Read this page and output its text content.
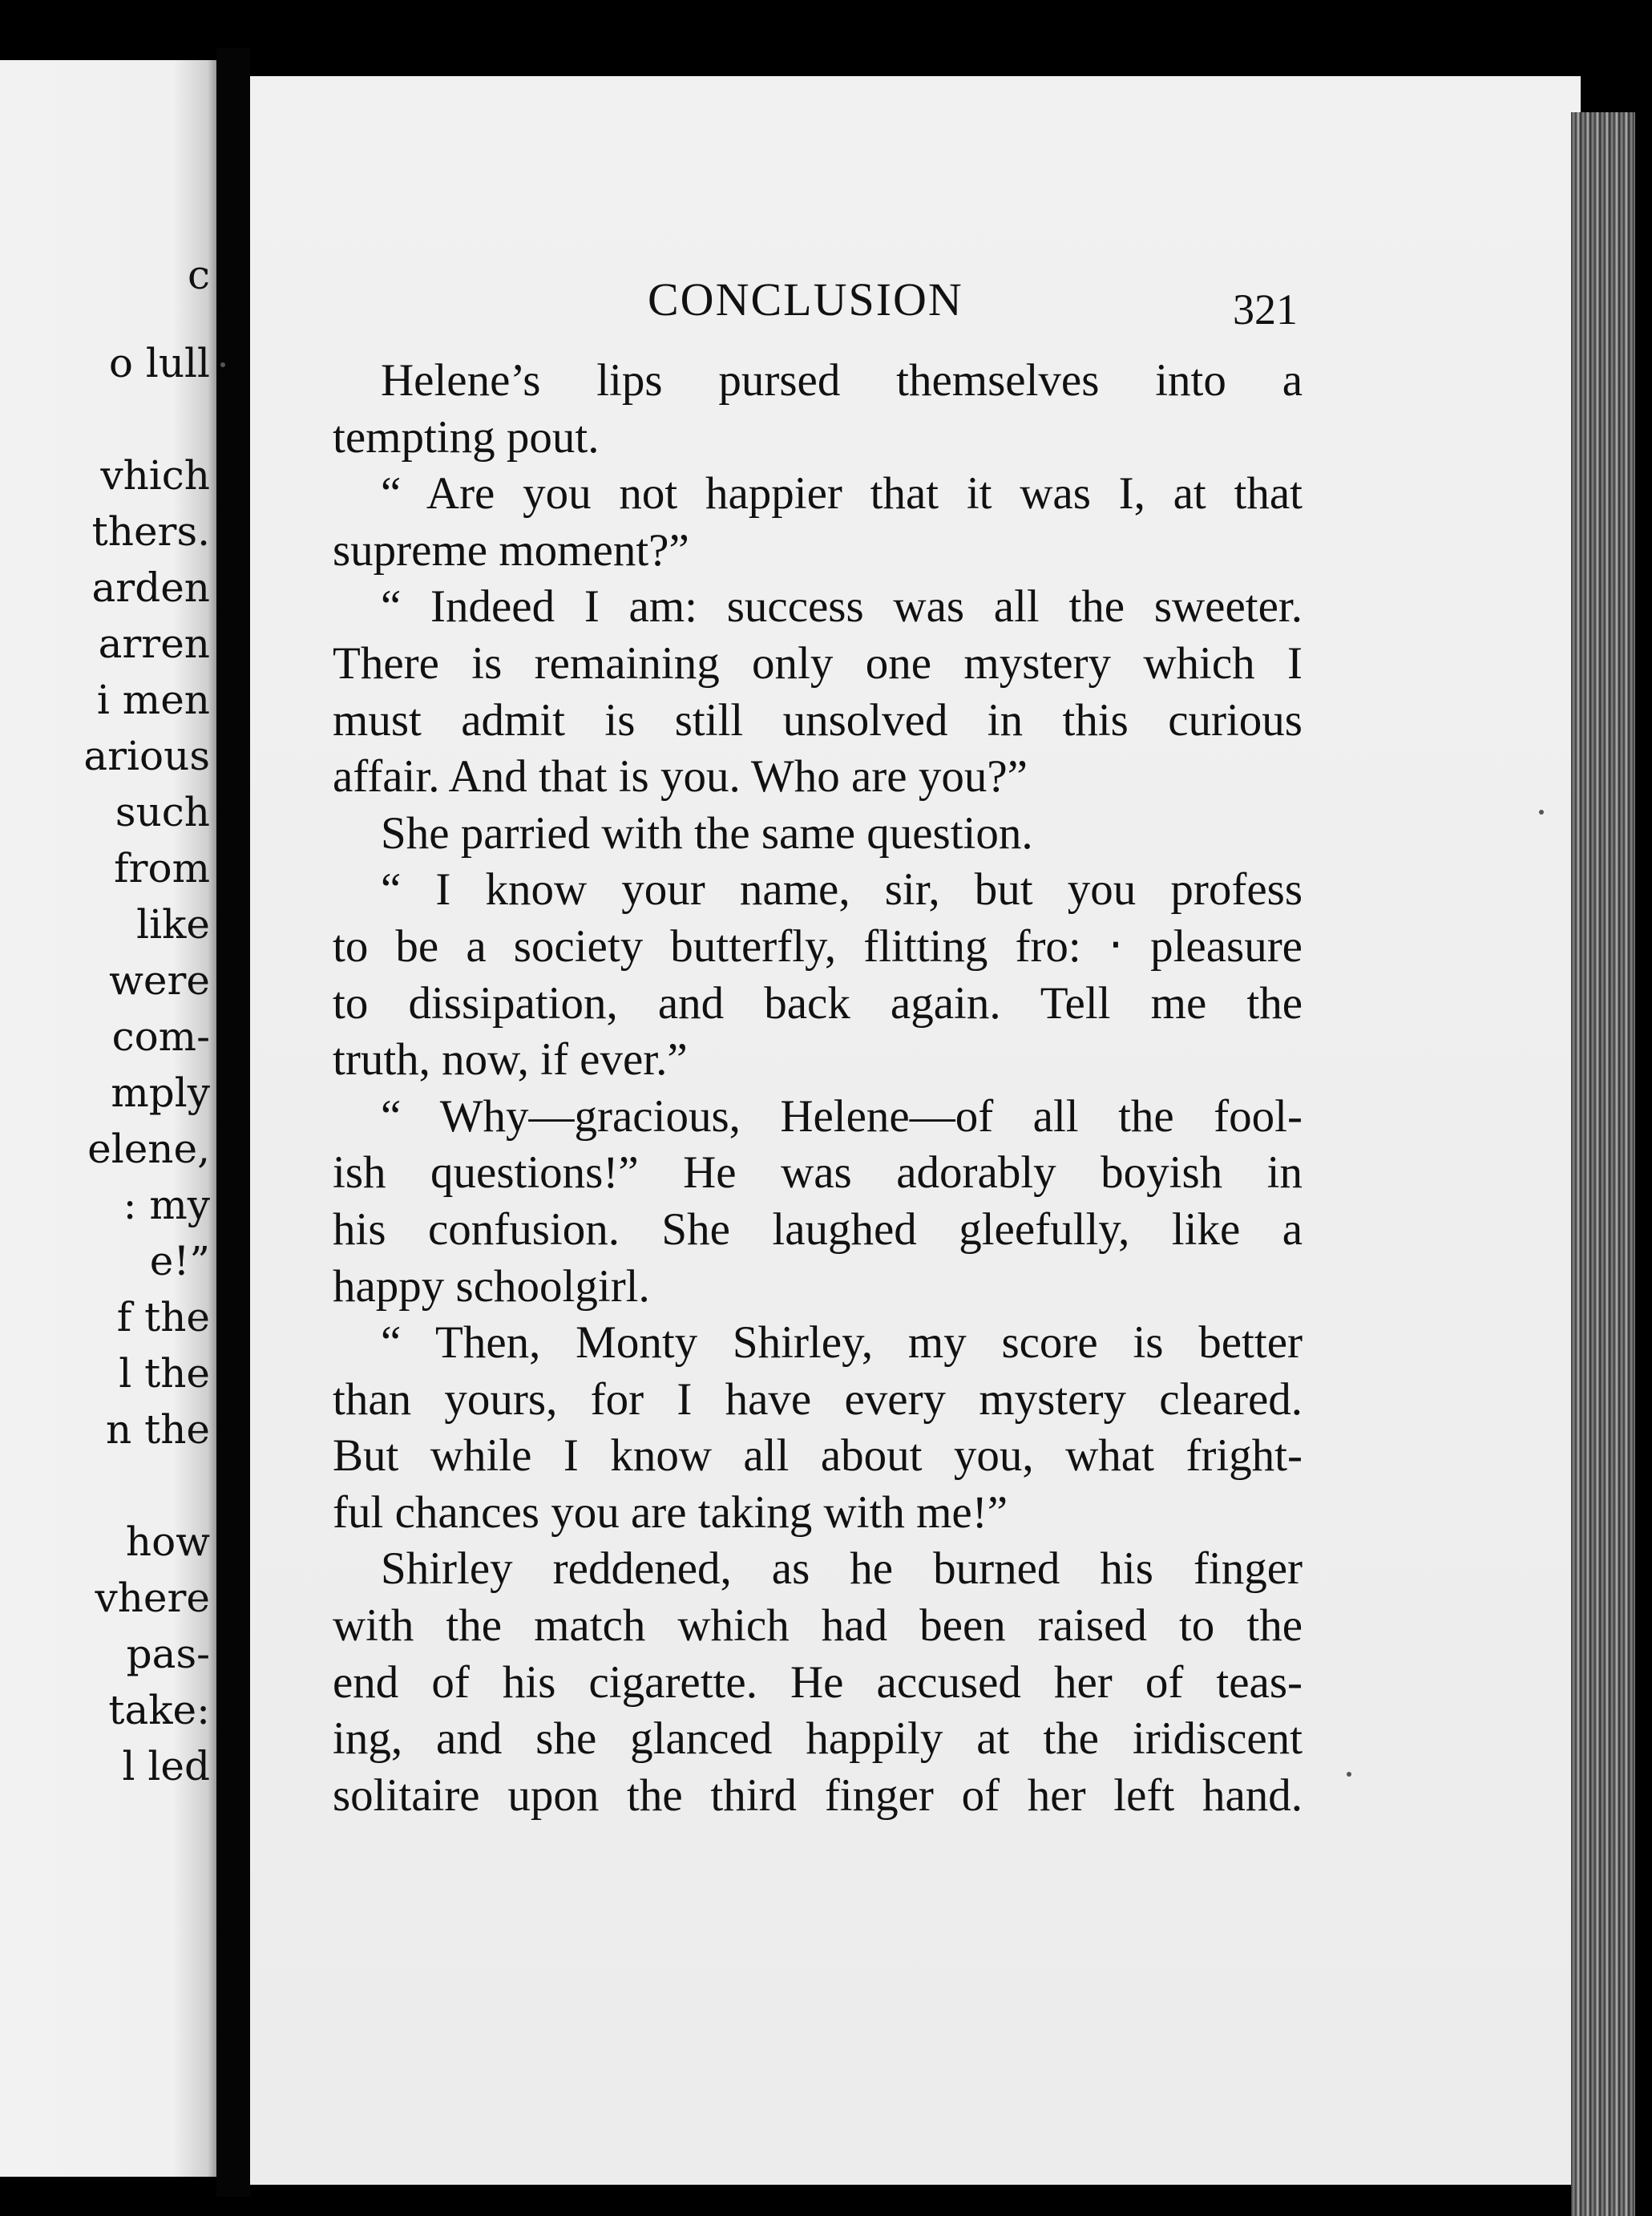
c
o lull
vhich
thers.
arden
arren
i men
arious
such
from
like
were
com-
mply
elene,
: my
e!”
f the
l the
n the
how
vhere
pas-
take:
l led
CONCLUSION	321
Helene’s lips pursed themselves into a
tempting pout.
“ Are you not happier that it was I, at that
supreme moment?”
“ Indeed I am: success was all the sweeter.
There is remaining only one mystery which I
must admit is still unsolved in this curious
affair. And that is you. Who are you?”
She parried with the same question.
“ I know your name, sir, but you profess
to be a society butterfly, flitting fro: ‧ pleasure
to dissipation, and back again. Tell me the
truth, now, if ever.”
“ Why—gracious, Helene—of all the fool-
ish questions!” He was adorably boyish in
his confusion. She laughed gleefully, like a
happy schoolgirl.
“ Then, Monty Shirley, my score is better
than yours, for I have every mystery cleared.
But while I know all about you, what fright-
ful chances you are taking with me!”
Shirley reddened, as he burned his finger
with the match which had been raised to the
end of his cigarette. He accused her of teas-
ing, and she glanced happily at the iridiscent
solitaire upon the third finger of her left hand.
